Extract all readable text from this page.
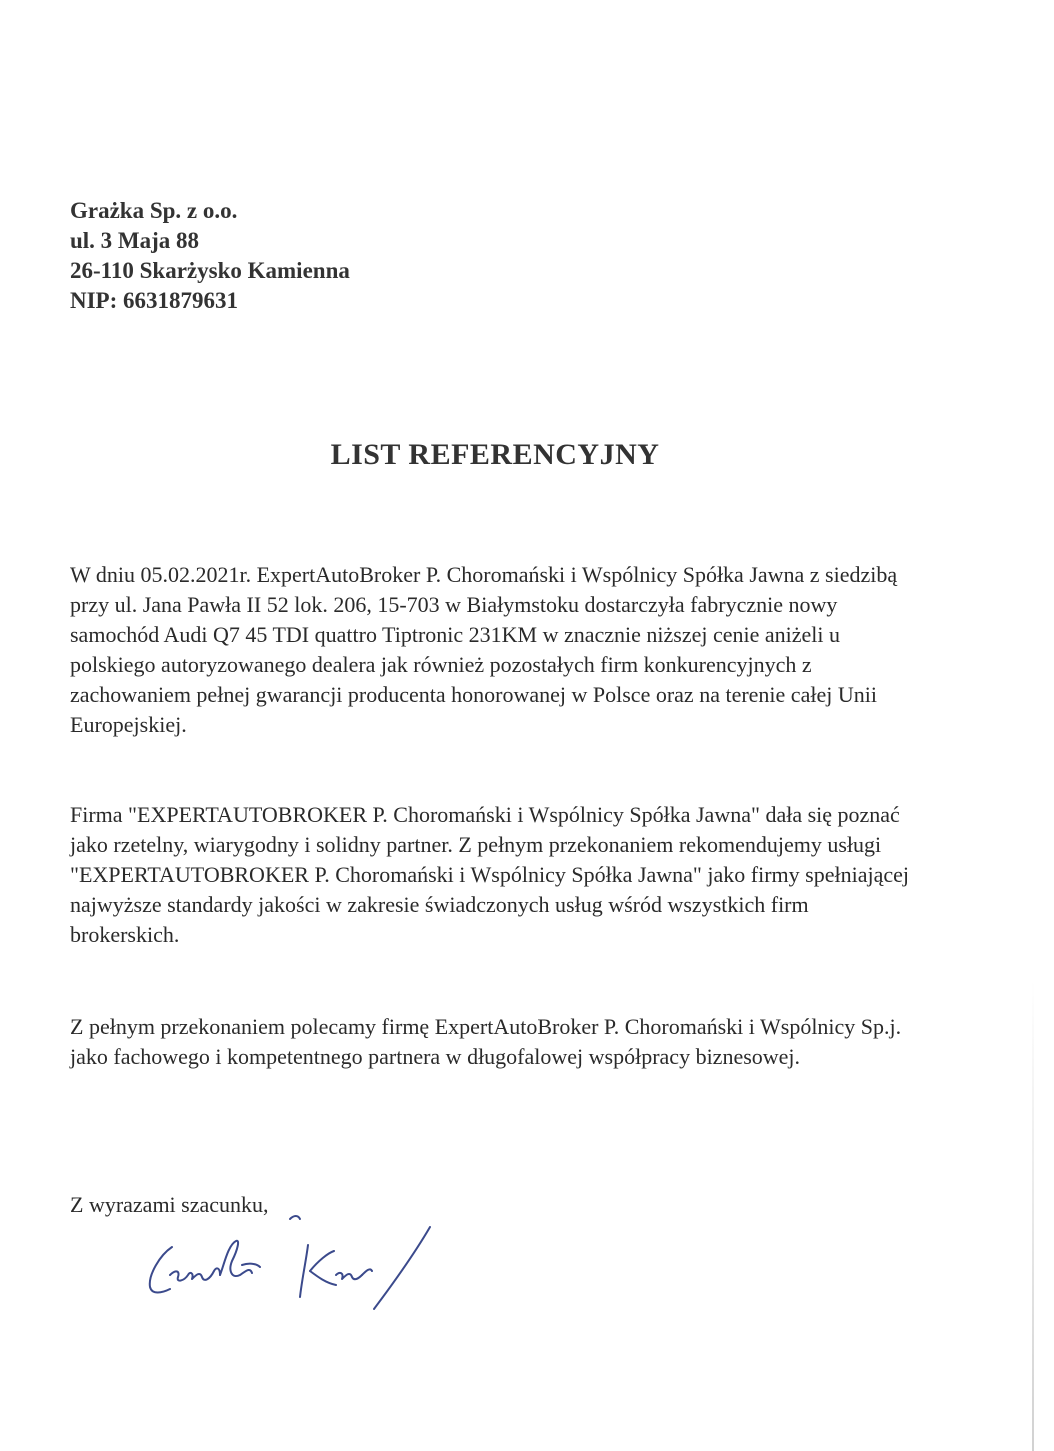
Grażka Sp. z o.o.
ul. 3 Maja 88
26-110 Skarżysko Kamienna
NIP: 6631879631
LIST REFERENCYJNY

W dniu 05.02.2021r. ExpertAutoBroker P. Choromański i Wspólnicy Spółka Jawna z siedzibą przy ul. Jana Pawła II 52 lok. 206, 15-703 w Białymstoku dostarczyła fabrycznie nowy samochód Audi Q7 45 TDI quattro Tiptronic 231KM w znacznie niższej cenie aniżeli u polskiego autoryzowanego dealera jak również pozostałych firm konkurencyjnych z zachowaniem pełnej gwarancji producenta honorowanej w Polsce oraz na terenie całej Unii Europejskiej.

Firma "EXPERTAUTOBROKER P. Choromański i Wspólnicy Spółka Jawna" dała się poznać jako rzetelny, wiarygodny i solidny partner. Z pełnym przekonaniem rekomendujemy usługi "EXPERTAUTOBROKER P. Choromański i Wspólnicy Spółka Jawna" jako firmy spełniającej najwyższe standardy jakości w zakresie świadczonych usług wśród wszystkich firm brokerskich.

Z pełnym przekonaniem polecamy firmę ExpertAutoBroker P. Choromański i Wspólnicy Sp.j. jako fachowego i kompetentnego partnera w długofalowej współpracy biznesowej.

Z wyrazami szacunku,
